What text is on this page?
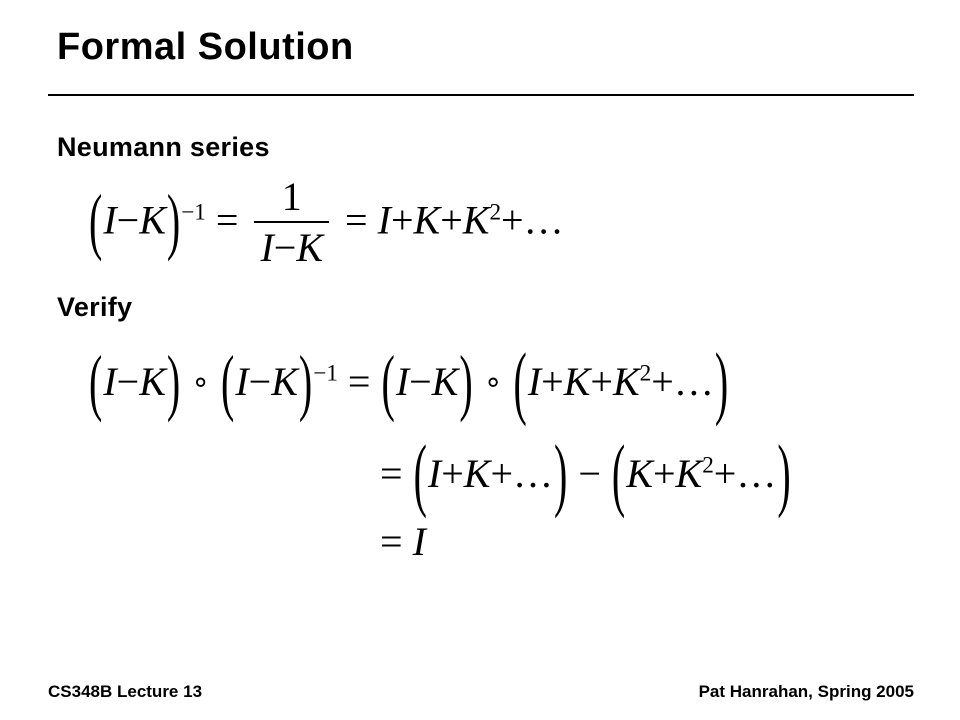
Formal Solution
Neumann series
$(I-K)^{-1} = \frac{1}{I-K}$ = $I+K+K^2+\dots$
Verify
(I−K) ∘ $(I-K)^{-1} = (I-K)$ ∘ $(I+K+K^2+\dots)$
= (I+K+…) − $(K+K^2+\dots)$
= I
CS348B Lecture 13	Pat Hanrahan, Spring 2005
